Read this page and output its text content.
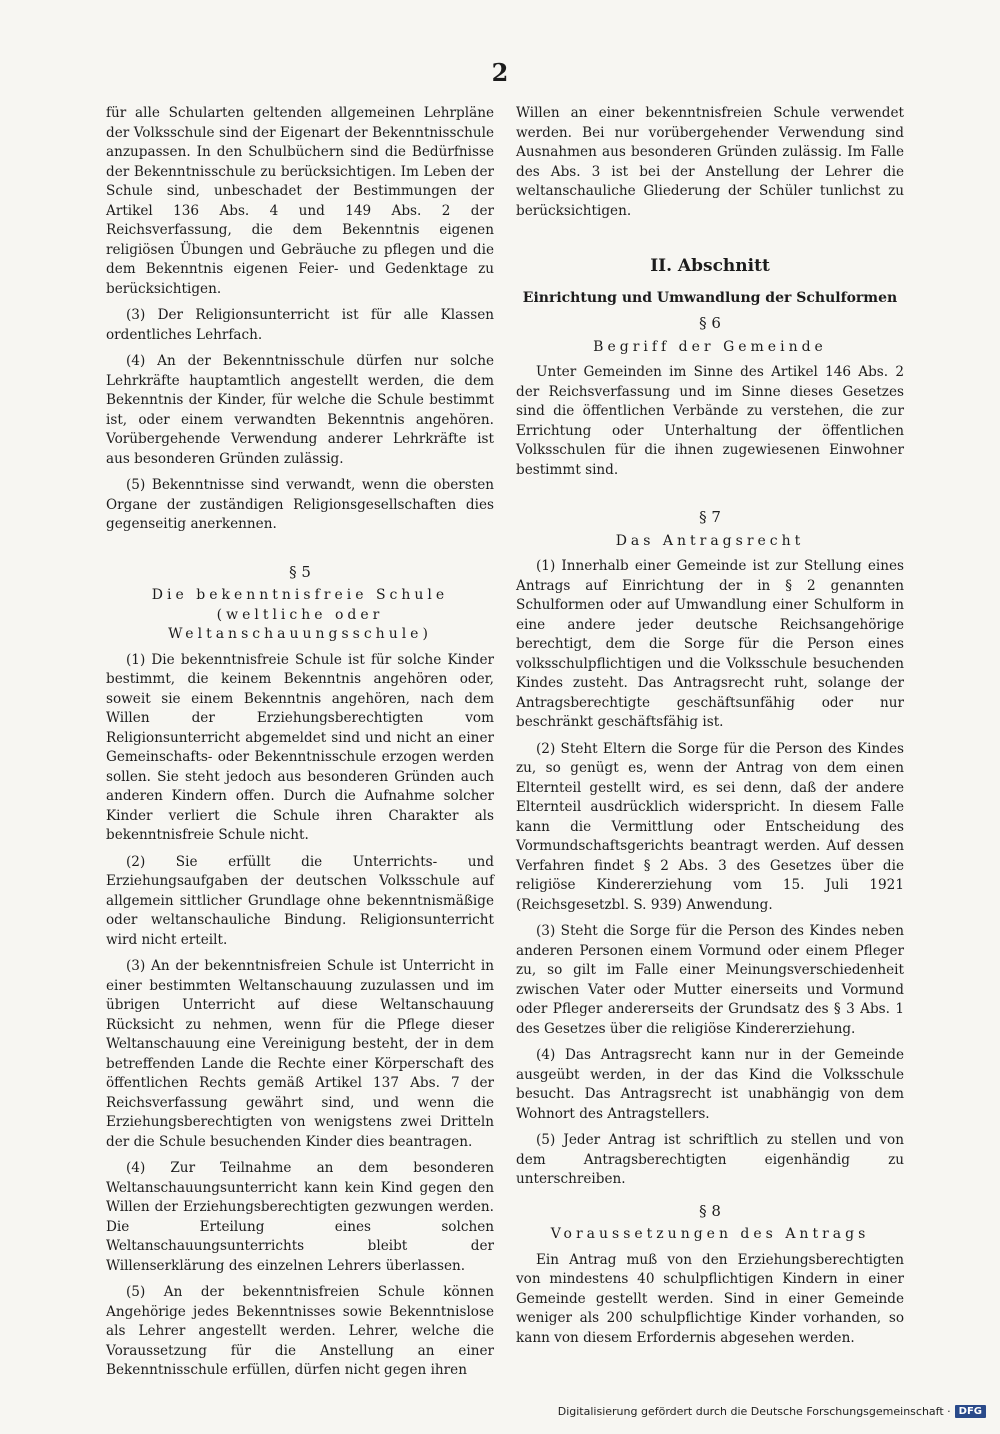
2

für alle Schularten geltenden allgemeinen Lehrpläne der Volksschule sind der Eigenart der Bekenntnisschule anzupassen. In den Schulbüchern sind die Bedürfnisse der Bekenntnisschule zu berücksichtigen. Im Leben der Schule sind, unbeschadet der Bestimmungen der Artikel 136 Abs. 4 und 149 Abs. 2 der Reichsverfassung, die dem Bekenntnis eigenen religiösen Übungen und Gebräuche zu pflegen und die dem Bekenntnis eigenen Feier- und Gedenktage zu berücksichtigen.

(3) Der Religionsunterricht ist für alle Klassen ordentliches Lehrfach.

(4) An der Bekenntnisschule dürfen nur solche Lehrkräfte hauptamtlich angestellt werden, die dem Bekenntnis der Kinder, für welche die Schule bestimmt ist, oder einem verwandten Bekenntnis angehören. Vorübergehende Verwendung anderer Lehrkräfte ist aus besonderen Gründen zulässig.

(5) Bekenntnisse sind verwandt, wenn die obersten Organe der zuständigen Religionsgesellschaften dies gegenseitig anerkennen.

§ 5
Die bekenntnisfreie Schule (weltliche oder Weltanschauungsschule)

(1) Die bekenntnisfreie Schule ist für solche Kinder bestimmt, die keinem Bekenntnis angehören oder, soweit sie einem Bekenntnis angehören, nach dem Willen der Erziehungsberechtigten vom Religionsunterricht abgemeldet sind und nicht an einer Gemeinschafts- oder Bekenntnisschule erzogen werden sollen. Sie steht jedoch aus besonderen Gründen auch anderen Kindern offen. Durch die Aufnahme solcher Kinder verliert die Schule ihren Charakter als bekenntnisfreie Schule nicht.

(2) Sie erfüllt die Unterrichts- und Erziehungsaufgaben der deutschen Volksschule auf allgemein sittlicher Grundlage ohne bekenntnismäßige oder weltanschauliche Bindung. Religionsunterricht wird nicht erteilt.

(3) An der bekenntnisfreien Schule ist Unterricht in einer bestimmten Weltanschauung zuzulassen und im übrigen Unterricht auf diese Weltanschauung Rücksicht zu nehmen, wenn für die Pflege dieser Weltanschauung eine Vereinigung besteht, der in dem betreffenden Lande die Rechte einer Körperschaft des öffentlichen Rechts gemäß Artikel 137 Abs. 7 der Reichsverfassung gewährt sind, und wenn die Erziehungsberechtigten von wenigstens zwei Dritteln der die Schule besuchenden Kinder dies beantragen.

(4) Zur Teilnahme an dem besonderen Weltanschauungsunterricht kann kein Kind gegen den Willen der Erziehungsberechtigten gezwungen werden. Die Erteilung eines solchen Weltanschauungsunterrichts bleibt der Willenserklärung des einzelnen Lehrers überlassen.

(5) An der bekenntnisfreien Schule können Angehörige jedes Bekenntnisses sowie Bekenntnislose als Lehrer angestellt werden. Lehrer, welche die Voraussetzung für die Anstellung an einer Bekenntnisschule erfüllen, dürfen nicht gegen ihren

Willen an einer bekenntnisfreien Schule verwendet werden. Bei nur vorübergehender Verwendung sind Ausnahmen aus besonderen Gründen zulässig. Im Falle des Abs. 3 ist bei der Anstellung der Lehrer die weltanschauliche Gliederung der Schüler tunlichst zu berücksichtigen.

II. Abschnitt
Einrichtung und Umwandlung der Schulformen
§ 6
Begriff der Gemeinde

Unter Gemeinden im Sinne des Artikel 146 Abs. 2 der Reichsverfassung und im Sinne dieses Gesetzes sind die öffentlichen Verbände zu verstehen, die zur Errichtung oder Unterhaltung der öffentlichen Volksschulen für die ihnen zugewiesenen Einwohner bestimmt sind.

§ 7
Das Antragsrecht

(1) Innerhalb einer Gemeinde ist zur Stellung eines Antrags auf Einrichtung der in § 2 genannten Schulformen oder auf Umwandlung einer Schulform in eine andere jeder deutsche Reichsangehörige berechtigt, dem die Sorge für die Person eines volksschulpflichtigen und die Volksschule besuchenden Kindes zusteht. Das Antragsrecht ruht, solange der Antragsberechtigte geschäftsunfähig oder nur beschränkt geschäftsfähig ist.

(2) Steht Eltern die Sorge für die Person des Kindes zu, so genügt es, wenn der Antrag von dem einen Elternteil gestellt wird, es sei denn, daß der andere Elternteil ausdrücklich widerspricht. In diesem Falle kann die Vermittlung oder Entscheidung des Vormundschaftsgerichts beantragt werden. Auf dessen Verfahren findet § 2 Abs. 3 des Gesetzes über die religiöse Kindererziehung vom 15. Juli 1921 (Reichsgesetzbl. S. 939) Anwendung.

(3) Steht die Sorge für die Person des Kindes neben anderen Personen einem Vormund oder einem Pfleger zu, so gilt im Falle einer Meinungsverschiedenheit zwischen Vater oder Mutter einerseits und Vormund oder Pfleger andererseits der Grundsatz des § 3 Abs. 1 des Gesetzes über die religiöse Kindererziehung.

(4) Das Antragsrecht kann nur in der Gemeinde ausgeübt werden, in der das Kind die Volksschule besucht. Das Antragsrecht ist unabhängig von dem Wohnort des Antragstellers.

(5) Jeder Antrag ist schriftlich zu stellen und von dem Antragsberechtigten eigenhändig zu unterschreiben.

§ 8
Voraussetzungen des Antrags

Ein Antrag muß von den Erziehungsberechtigten von mindestens 40 schulpflichtigen Kindern in einer Gemeinde gestellt werden. Sind in einer Gemeinde weniger als 200 schulpflichtige Kinder vorhanden, so kann von diesem Erfordernis abgesehen werden.

Digitalisierung gefördert durch die Deutsche Forschungsgemeinschaft · DFG
